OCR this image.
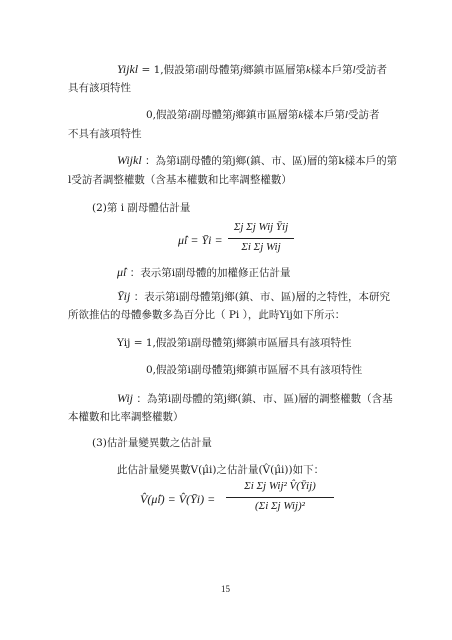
Yijkl = 1,假設第i副母體第j鄉鎮市區層第k樣本戶第l受訪者
具有該項特性
0,假設第i副母體第j鄉鎮市區層第k樣本戶第l受訪者
不具有該項特性
Wijkl ：為第i副母體的第j鄉(鎮、市、區)層的第k樣本戶的第
l受訪者調整權數（含基本權數和比率調整權數）
(2)第 i 副母體估計量
μ̂i = Ȳi =
Σj Σj Wij Ȳij
Σi Σj Wij
μ̂i ：表示第i副母體的加權修正估計量
Ȳij ：表示第i副母體第j鄉(鎮、市、區)層的之特性，本研究
所欲推估的母體參數多為百分比（ Pi ），此時Yij如下所示：
Yij = 1,假設第i副母體第j鄉鎮市區層具有該項特性
0,假設第i副母體第j鄉鎮市區層不具有該項特性
Wij ：為第i副母體的第j鄉(鎮、市、區)層的調整權數（含基
本權數和比率調整權數）
(3)估計量變異數之估計量
此估計量變異數V(μ̂i)之估計量(V̂(μ̂i))如下：
V̂(μ̂i) = V̂(Ȳi) =
Σi Σj Wij² V̂(Ȳij)
(Σi Σj Wij)²
15
